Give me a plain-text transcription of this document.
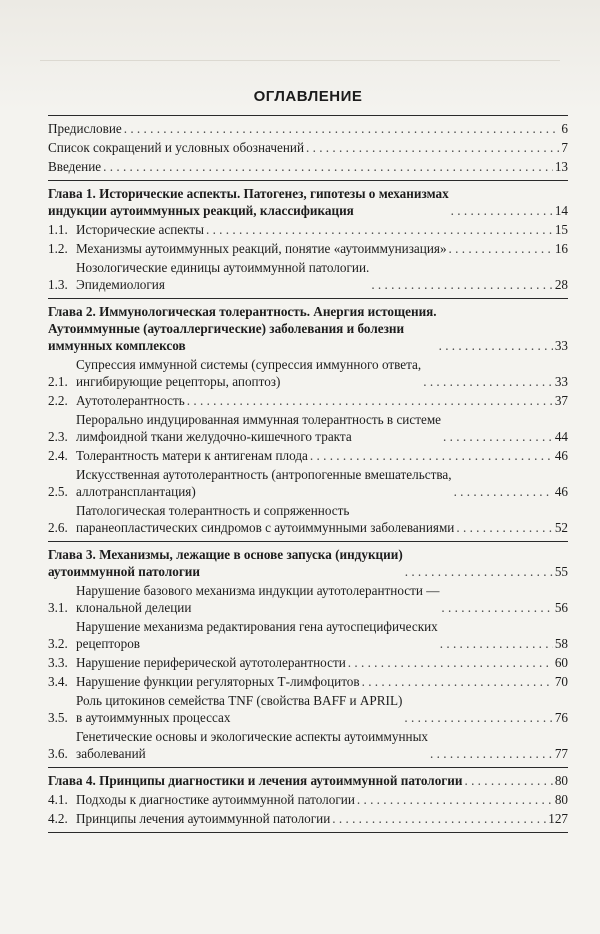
ОГЛАВЛЕНИЕ
Предисловие . . .	6
Список сокращений и условных обозначений . . .	7
Введение . . .	13
Глава 1. Исторические аспекты. Патогенез, гипотезы о механизмах
индукции аутоиммунных реакций, классификация . . .	14
1.1. Исторические аспекты . . .	15
1.2. Механизмы аутоиммунных реакций, понятие «аутоиммунизация» . . .	16
1.3.
Нозологические единицы аутоиммунной патологии.
Эпидемиология . . .	28
Глава 2. Иммунологическая толерантность. Анергия истощения.
Аутоиммунные (аутоаллергические) заболевания и болезни
иммунных комплексов . . .	33
2.1.
Супрессия иммунной системы (супрессия иммунного ответа,
ингибирующие рецепторы, апоптоз) . . .	33
2.2. Аутотолерантность . . .	37
2.3.
Перорально индуцированная иммунная толерантность в системе
лимфоидной ткани желудочно-кишечного тракта . . .	44
2.4. Толерантность матери к антигенам плода . . .	46
2.5.
Искусственная аутотолерантность (антропогенные вмешательства,
аллотрансплантация) . . .	46
2.6.
Патологическая толерантность и сопряженность
паранеопластических синдромов с аутоиммунными заболеваниями . . .	52
Глава 3. Механизмы, лежащие в основе запуска (индукции)
аутоиммунной патологии . . .	55
3.1.
Нарушение базового механизма индукции аутотолерантности —
клональной делеции . . .	56
3.2.
Нарушение механизма редактирования гена аутоспецифических
рецепторов . . .	58
3.3. Нарушение периферической аутотолерантности . . .	60
3.4. Нарушение функции регуляторных Т-лимфоцитов . . .	70
3.5.
Роль цитокинов семейства TNF (свойства BAFF и APRIL)
в аутоиммунных процессах . . .	76
3.6.
Генетические основы и экологические аспекты аутоиммунных
заболеваний . . .	77
Глава 4. Принципы диагностики и лечения аутоиммунной патологии . . .	80
4.1. Подходы к диагностике аутоиммунной патологии . . .	80
4.2. Принципы лечения аутоиммунной патологии . . .	127
